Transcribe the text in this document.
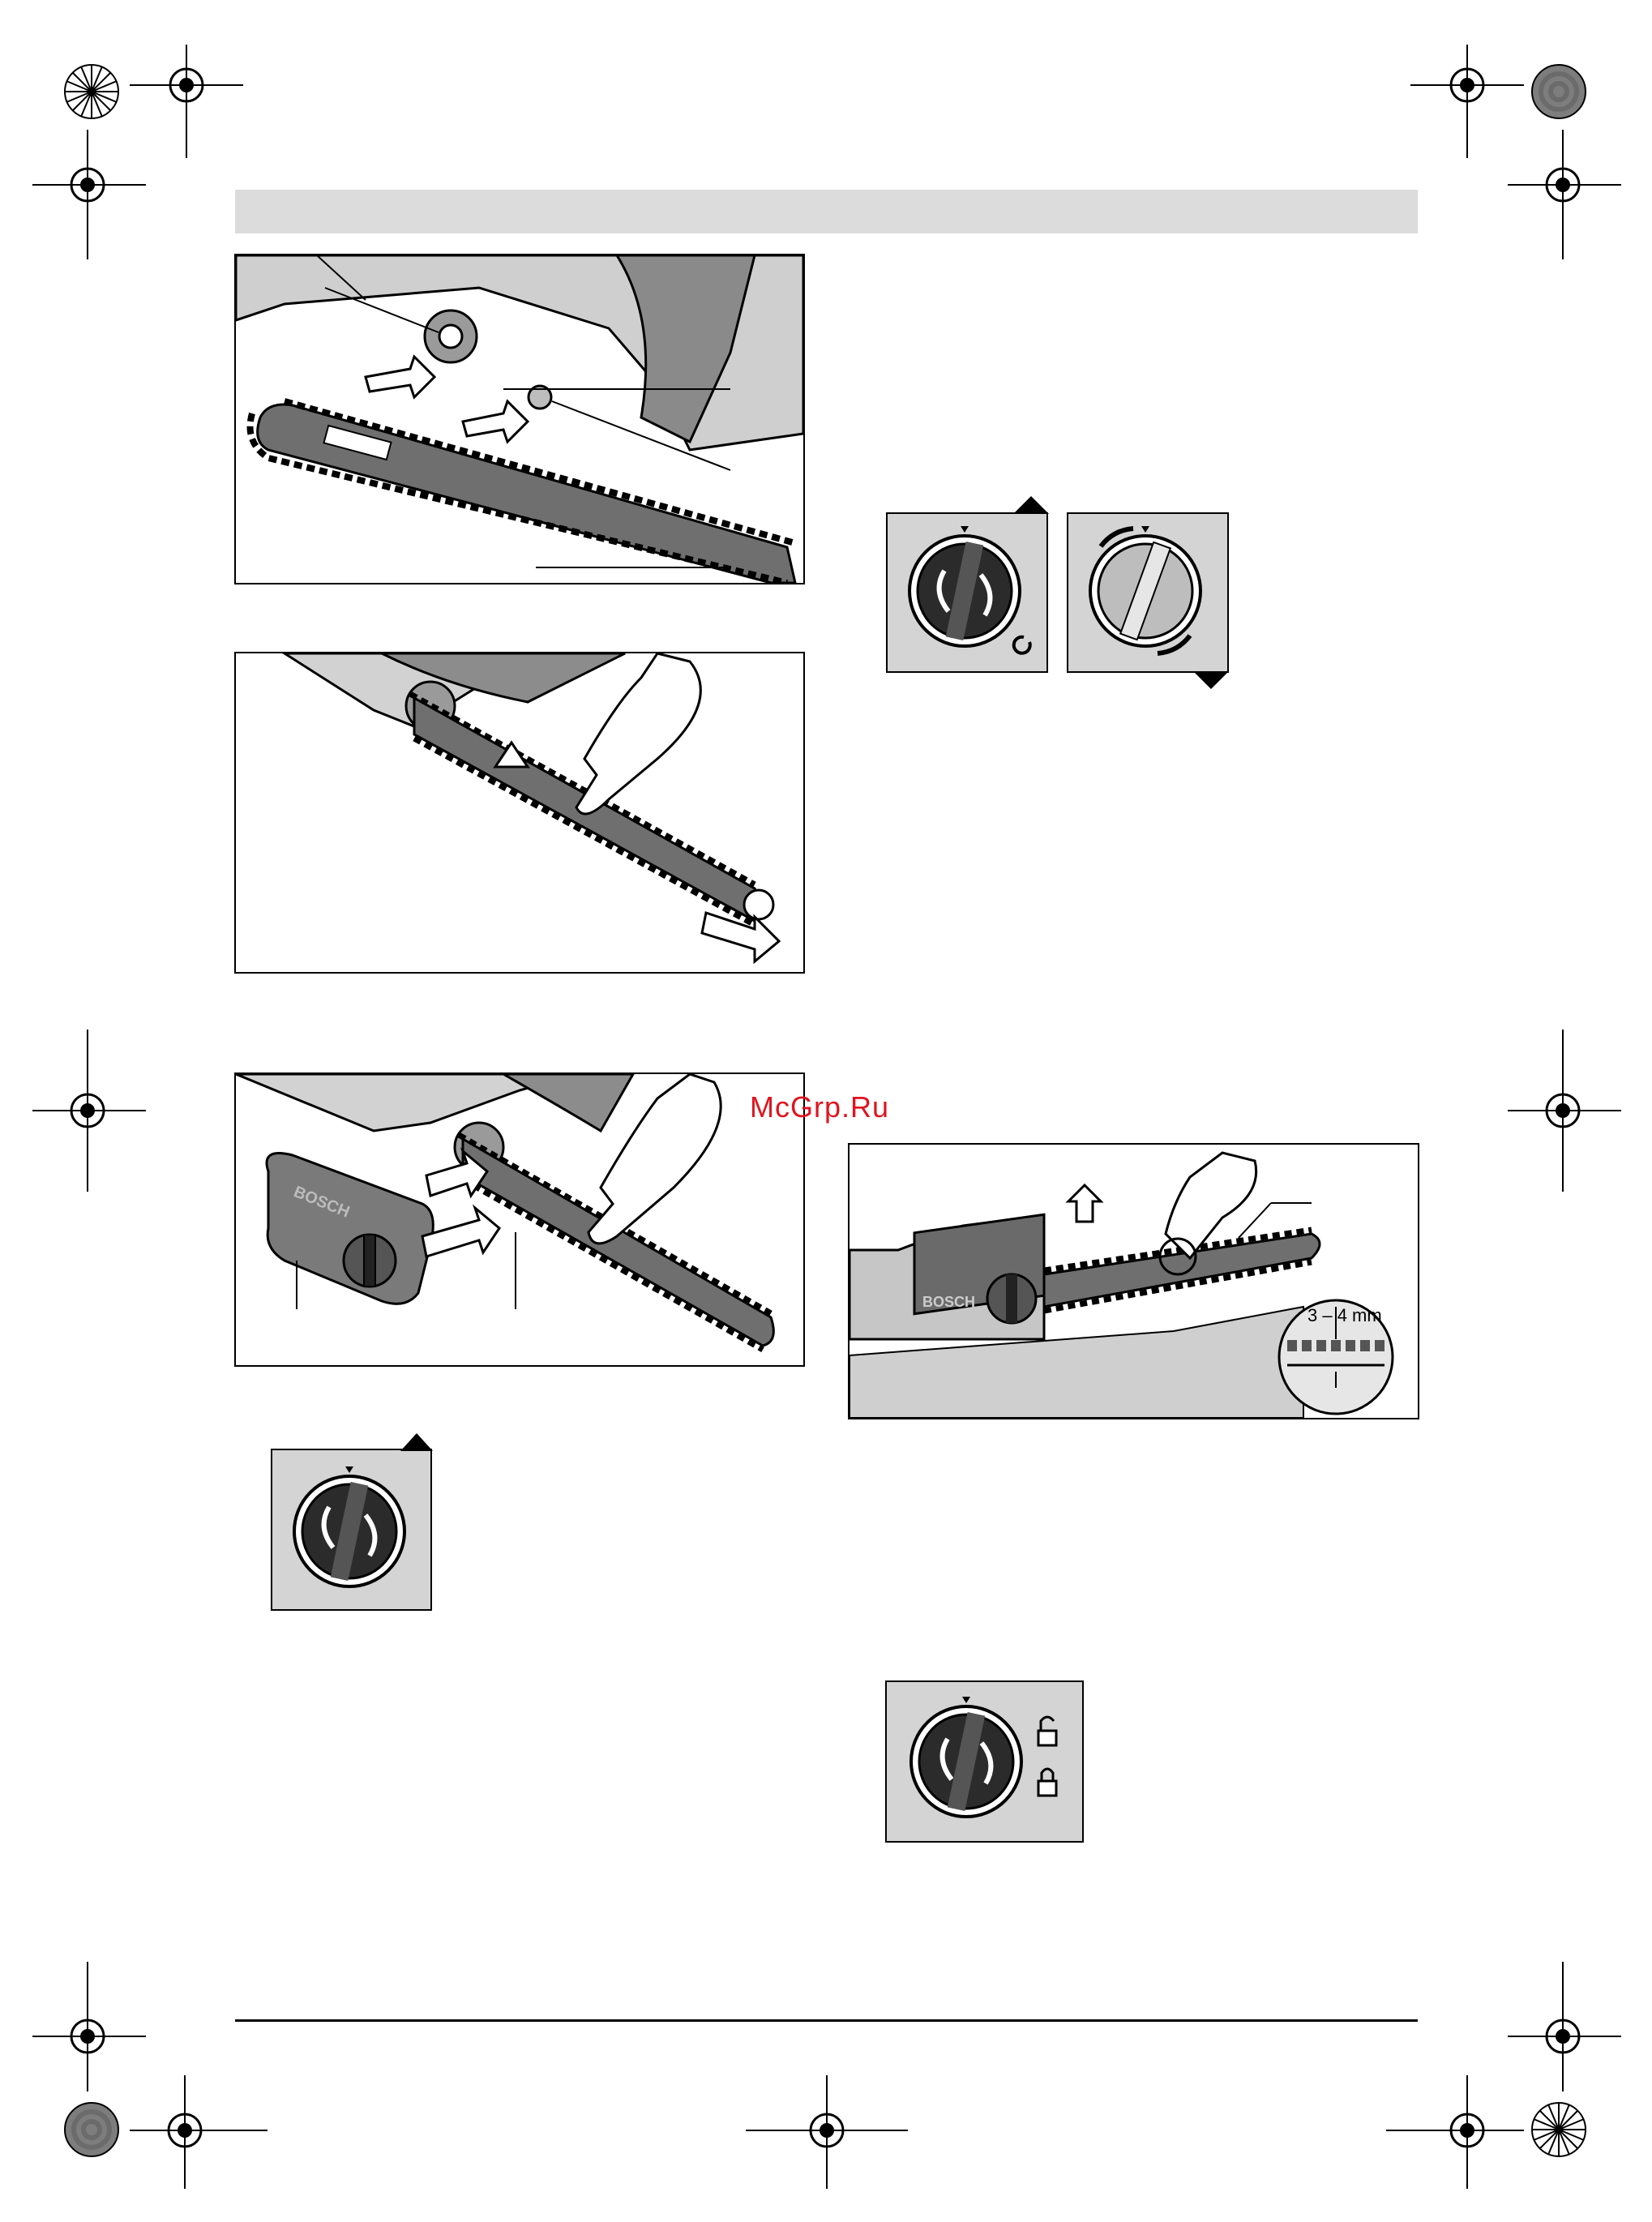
BOSCH
BOSCH
3 – 4 mm
McGrp.Ru
